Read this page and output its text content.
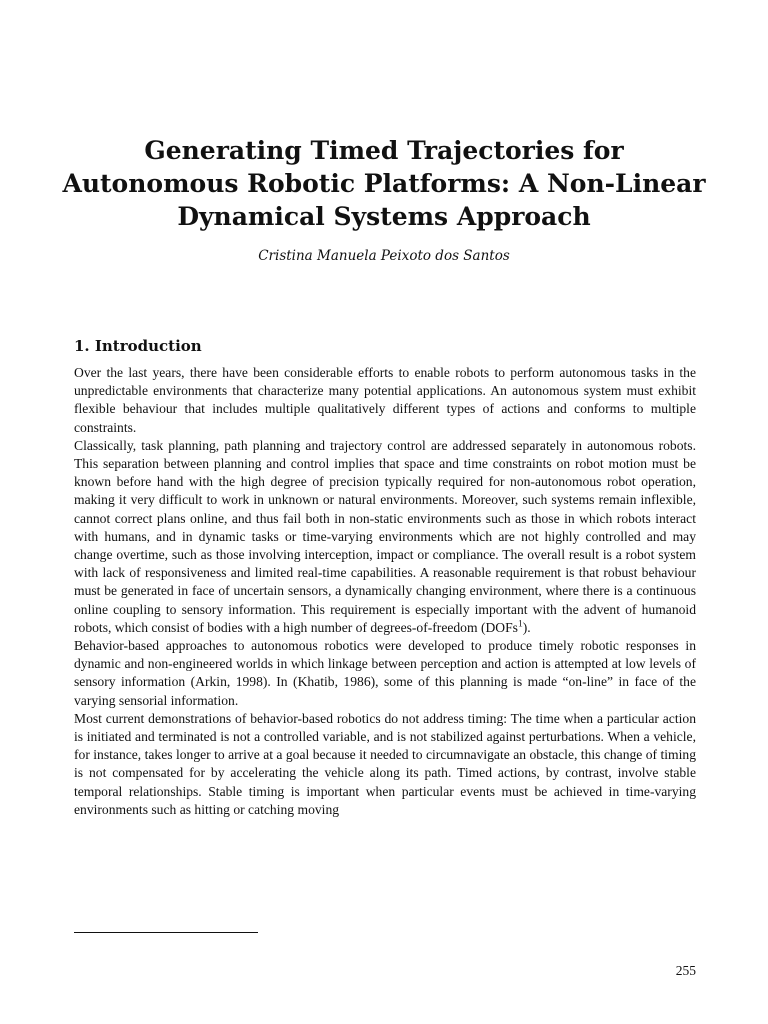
Generating Timed Trajectories for Autonomous Robotic Platforms: A Non-Linear Dynamical Systems Approach

Cristina Manuela Peixoto dos Santos

1. Introduction

Over the last years, there have been considerable efforts to enable robots to perform autonomous tasks in the unpredictable environments that characterize many potential applications. An autonomous system must exhibit flexible behaviour that includes multiple qualitatively different types of actions and conforms to multiple constraints.

Classically, task planning, path planning and trajectory control are addressed separately in autonomous robots. This separation between planning and control implies that space and time constraints on robot motion must be known before hand with the high degree of precision typically required for non-autonomous robot operation, making it very difficult to work in unknown or natural environments. Moreover, such systems remain inflexible, cannot correct plans online, and thus fail both in non-static environments such as those in which robots interact with humans, and in dynamic tasks or time-varying environments which are not highly controlled and may change overtime, such as those involving interception, impact or compliance. The overall result is a robot system with lack of responsiveness and limited real-time capabilities. A reasonable requirement is that robust behaviour must be generated in face of uncertain sensors, a dynamically changing environment, where there is a continuous online coupling to sensory information. This requirement is especially important with the advent of humanoid robots, which consist of bodies with a high number of degrees-of-freedom (DOFs$^1$).

Behavior-based approaches to autonomous robotics were developed to produce timely robotic responses in dynamic and non-engineered worlds in which linkage between perception and action is attempted at low levels of sensory information (Arkin, 1998). In (Khatib, 1986), some of this planning is made “on-line” in face of the varying sensorial information.

Most current demonstrations of behavior-based robotics do not address timing: The time when a particular action is initiated and terminated is not a controlled variable, and is not stabilized against perturbations. When a vehicle, for instance, takes longer to arrive at a goal because it needed to circumnavigate an obstacle, this change of timing is not compensated for by accelerating the vehicle along its path. Timed actions, by contrast, involve stable temporal relationships. Stable timing is important when particular events must be achieved in time-varying environments such as hitting or catching moving

255
